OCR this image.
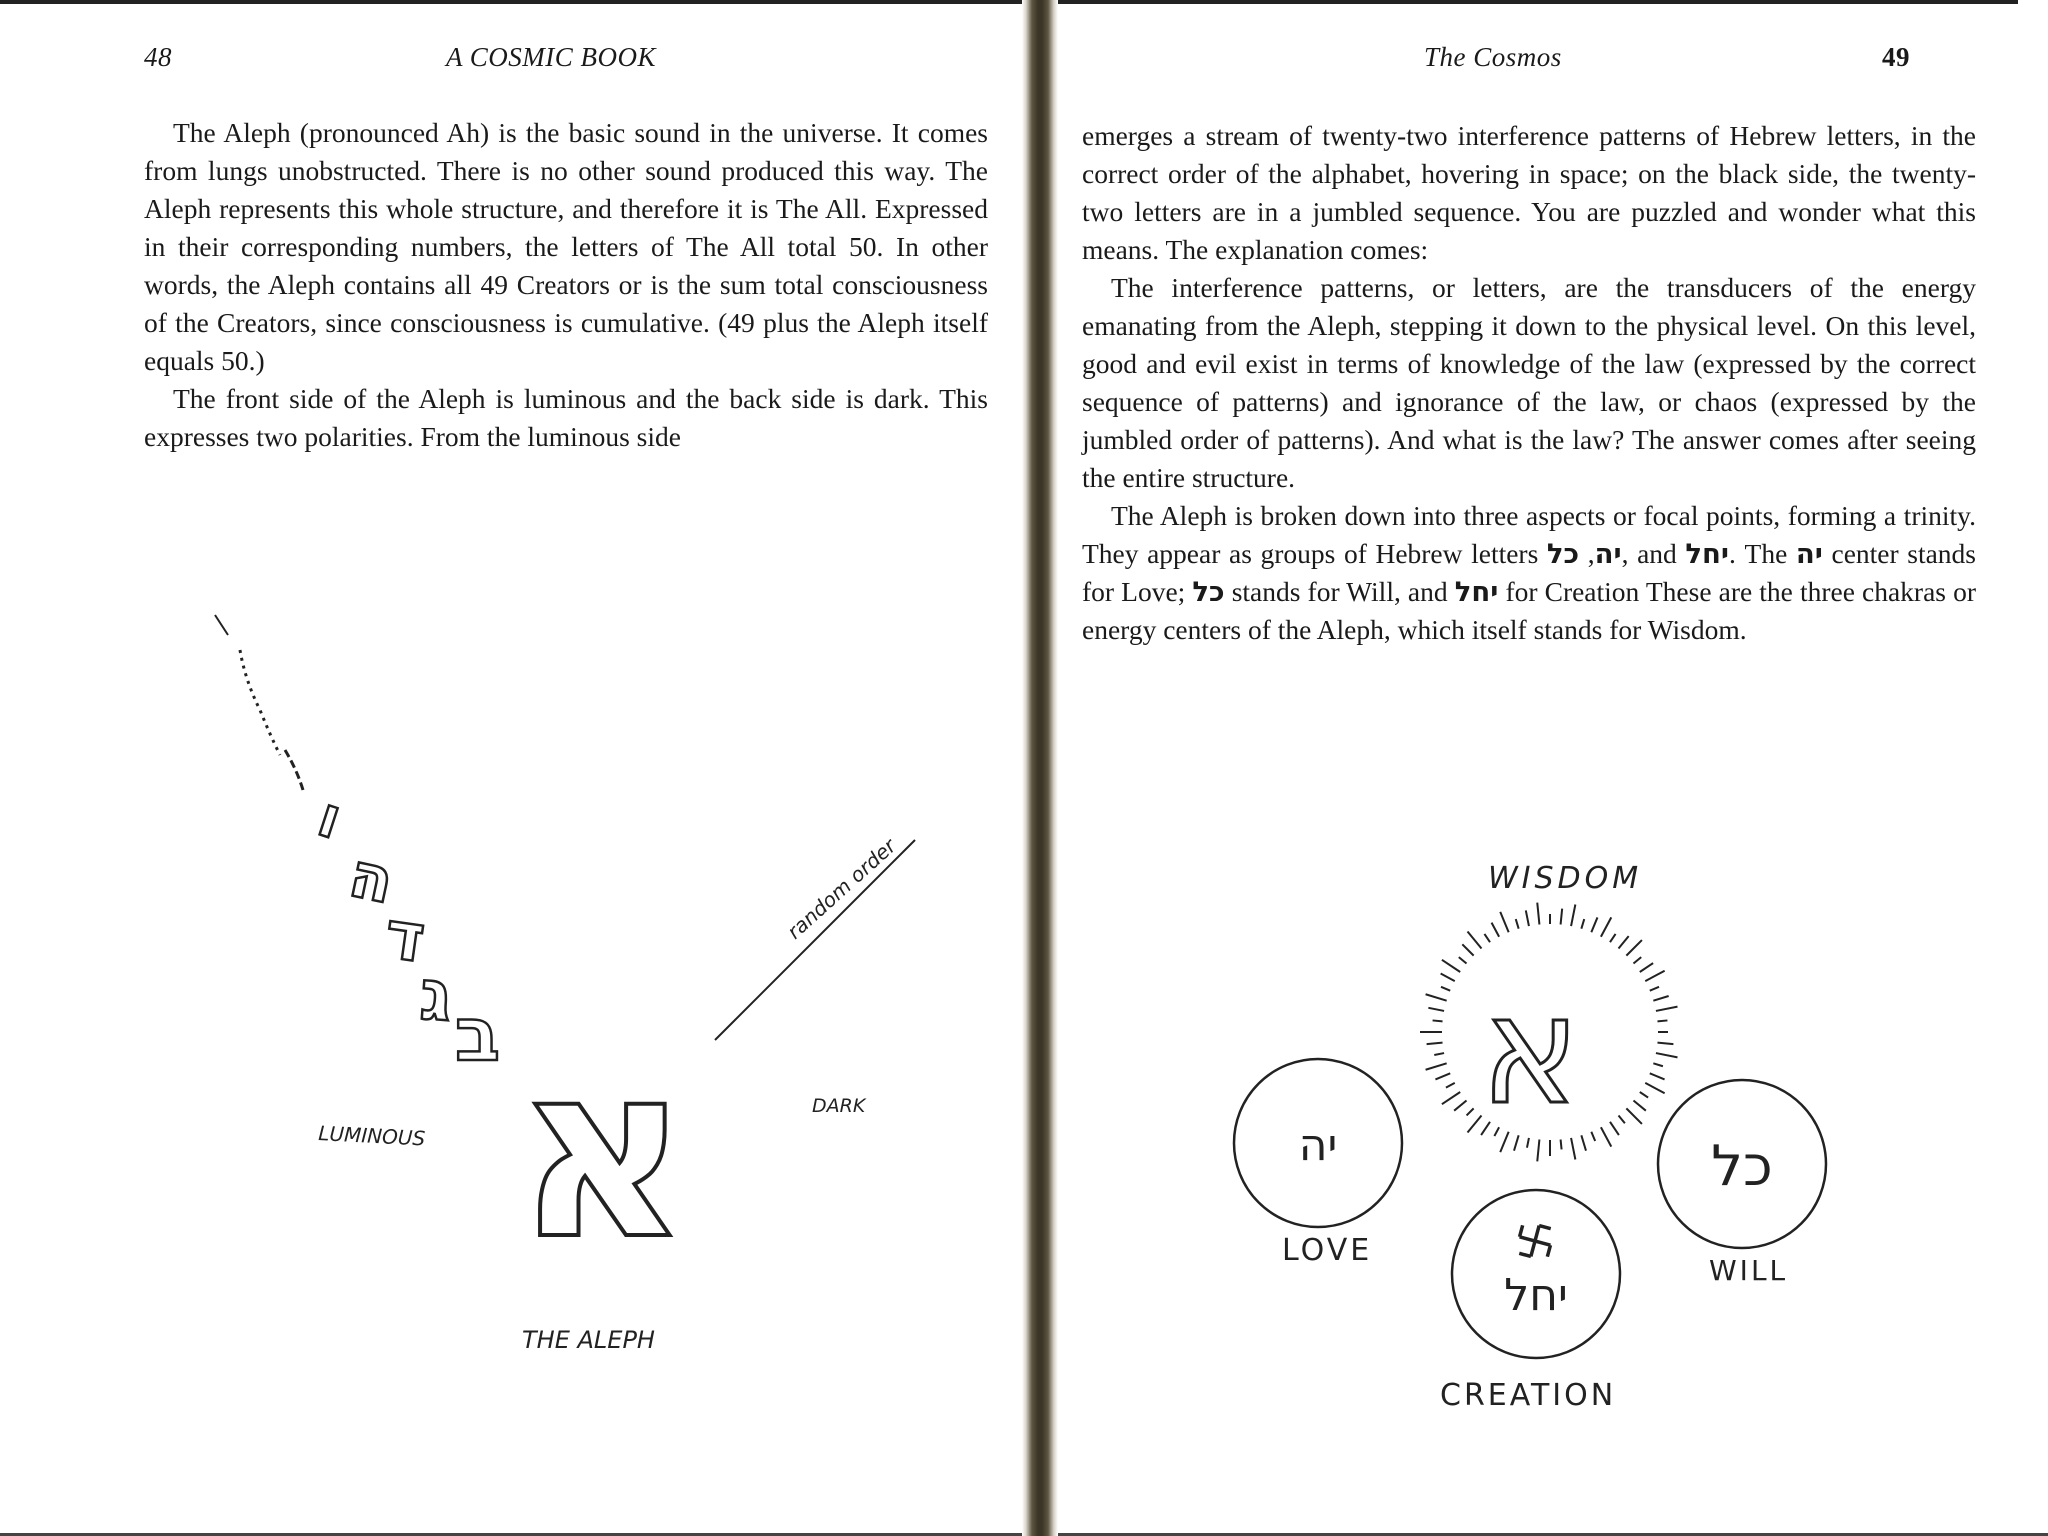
48	A COSMIC BOOK

The Aleph (pronounced Ah) is the basic sound in the universe. It comes from lungs unobstructed. There is no other sound produced this way. The Aleph represents this whole structure, and therefore it is The All. Expressed in their corresponding numbers, the letters of The All total 50. In other words, the Aleph contains all 49 Creators or is the sum total consciousness of the Creators, since consciousness is cumulative. (49 plus the Aleph itself equals 50.)

The front side of the Aleph is luminous and the back side is dark. This expresses two polarities. From the luminous side

ו
ה
ד
ג ב א
random order
LUMINOUS
DARK
THE ALEPH
The Cosmos	49

emerges a stream of twenty-two interference patterns of Hebrew letters, in the correct order of the alphabet, hovering in space; on the black side, the twenty-two letters are in a jumbled sequence. You are puzzled and wonder what this means. The explanation comes:

The interference patterns, or letters, are the transducers of the energy emanating from the Aleph, stepping it down to the physical level. On this level, good and evil exist in terms of knowledge of the law (expressed by the correct sequence of patterns) and ignorance of the law, or chaos (expressed by the jumbled order of patterns). And what is the law? The answer comes after seeing the entire structure.

The Aleph is broken down into three aspects or focal points, forming a trinity. They appear as groups of Hebrew letters יה, כל , and יחל. The יה center stands for Love; כל stands for Will, and יחל for Creation These are the three chakras or energy centers of the Aleph, which itself stands for Wisdom.

WISDOM
א
יה
LOVE
כל
WILL
יחל
CREATION
